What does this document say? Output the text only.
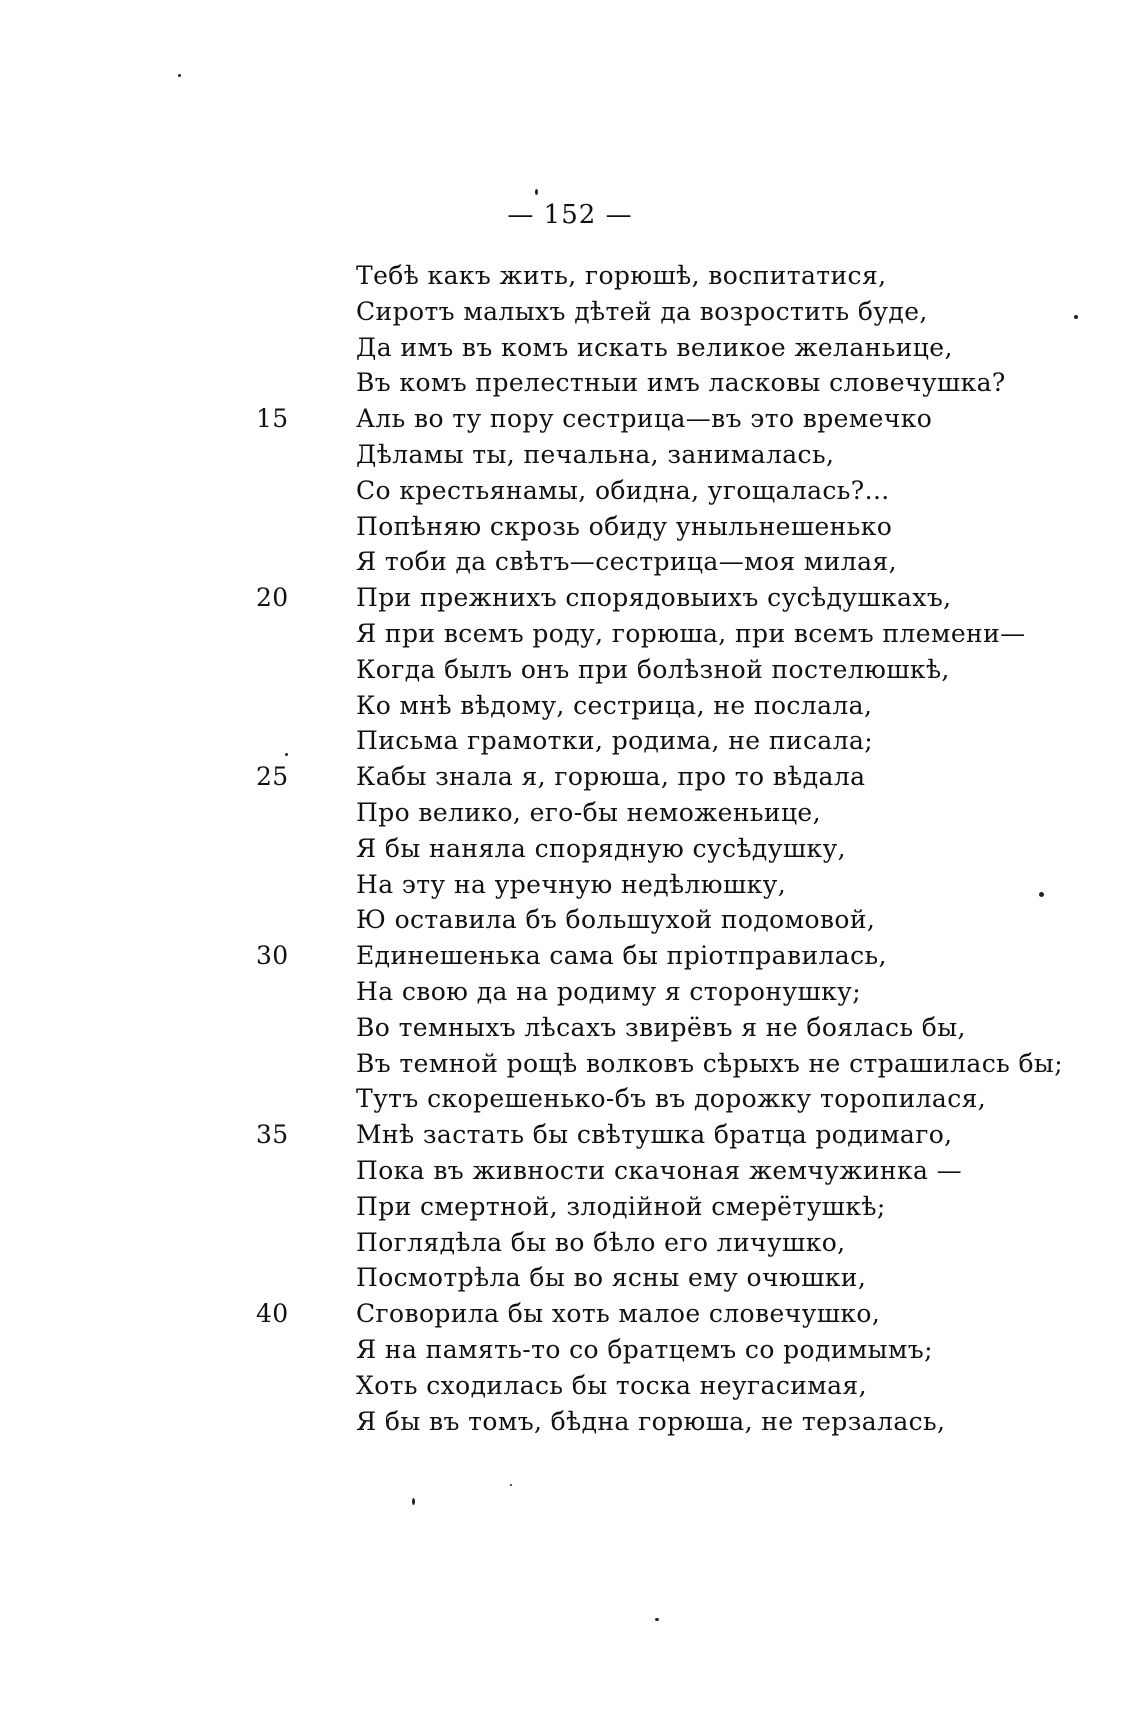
— 152 —
Тебѣ какъ жить, горюшѣ, воспитатися,
Сиротъ малыхъ дѣтей да возростить буде,
Да имъ въ комъ искать великое желаньице,
Въ комъ прелестныи имъ ласковы словечушка?
15	Аль во ту пору сестрица—въ это времечко
Дѣламы ты, печальна, занималась,
Со крестьянамы, обидна, угощалась?...
Попѣняю скрозь обиду уныльнешенько
Я тоби да свѣтъ—сестрица—моя милая,
20	При прежнихъ спорядовыихъ сусѣдушкахъ,
Я при всемъ роду, горюша, при всемъ племени—
Когда былъ онъ при болѣзной постелюшкѣ,
Ко мнѣ вѣдому, сестрица, не послала,
Письма грамотки, родима, не писала;
25	Кабы знала я, горюша, про то вѣдала
Про велико, его-бы неможеньице,
Я бы наняла спорядную сусѣдушку,
На эту на уречную недѣлюшку,
Ю оставила бъ большухой подомовой,
30	Единешенька сама бы пріотправилась,
На свою да на родиму я сторонушку;
Во темныхъ лѣсахъ звирёвъ я не боялась бы,
Въ темной рощѣ волковъ сѣрыхъ не страшилась бы;
Тутъ скорешенько-бъ въ дорожку торопилася,
35	Мнѣ застать бы свѣтушка братца родимаго,
Пока въ живности скачоная жемчужинка —
При смертной, злодійной смерётушкѣ;
Поглядѣла бы во бѣло его личушко,
Посмотрѣла бы во ясны ему очюшки,
40	Сговорила бы хоть малое словечушко,
Я на память-то со братцемъ со родимымъ;
Хоть сходилась бы тоска неугасимая,
Я бы въ томъ, бѣдна горюша, не терзалась,
